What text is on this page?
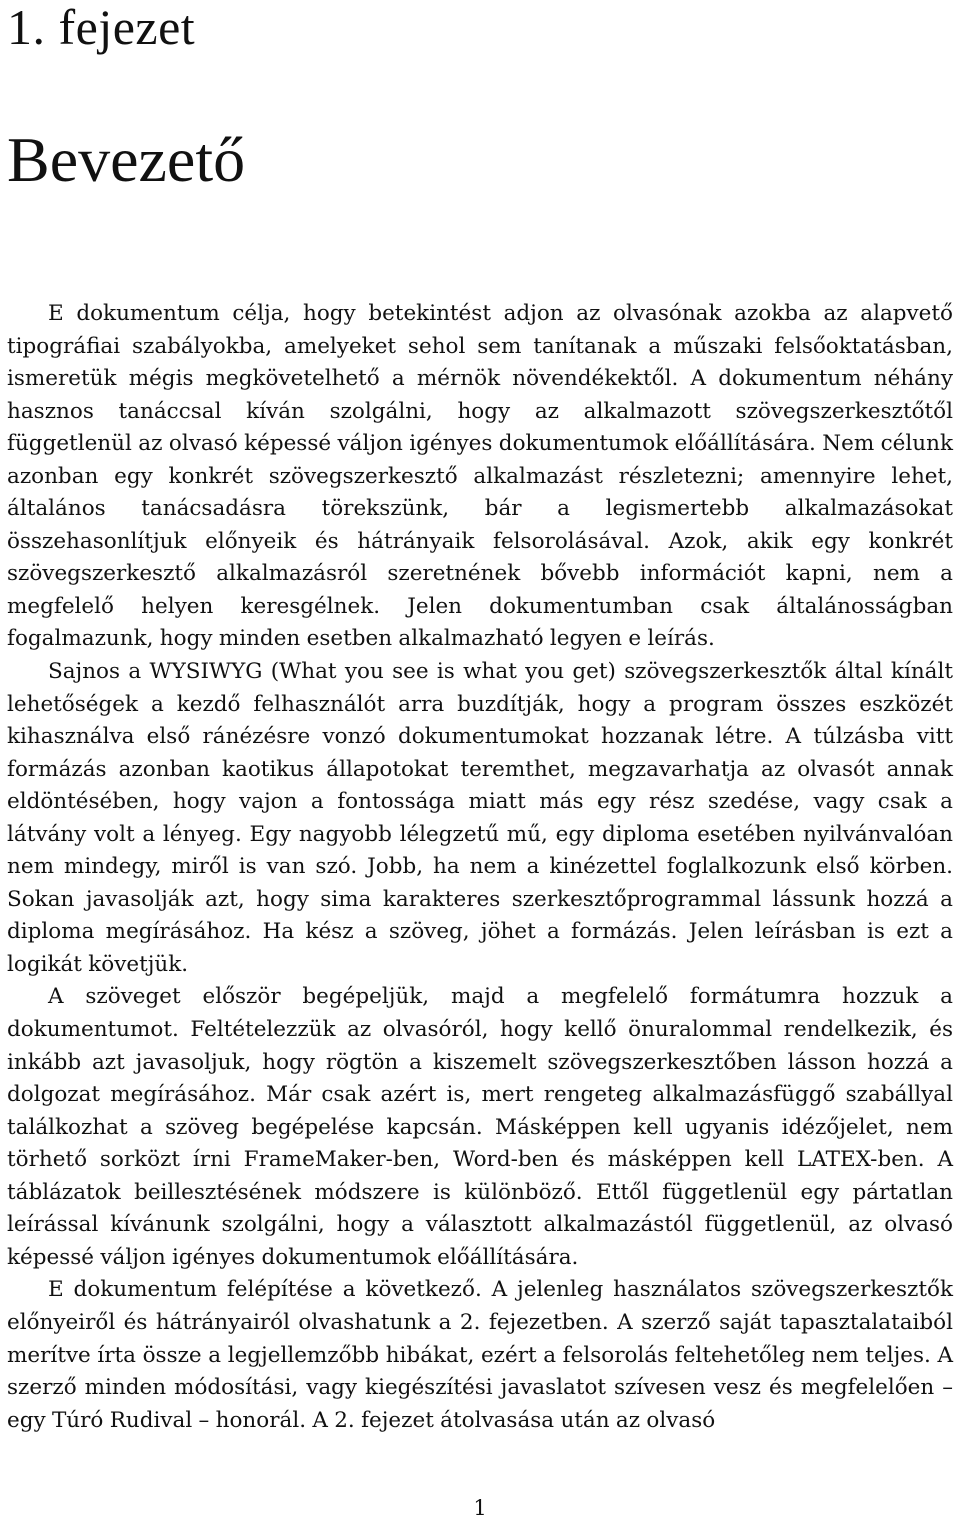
1. fejezet
Bevezető

E dokumentum célja, hogy betekintést adjon az olvasónak azokba az alapvető tipográfiai szabályokba, amelyeket sehol sem tanítanak a műszaki felsőoktatásban, ismeretük mégis megkövetelhető a mérnök növendékektől. A dokumentum néhány hasznos tanáccsal kíván szolgálni, hogy az alkalmazott szövegszerkesztőtől függetlenül az olvasó képessé váljon igényes dokumentumok előállítására. Nem célunk azonban egy konkrét szövegszerkesztő alkalmazást részletezni; amennyire lehet, általános tanácsadásra törekszünk, bár a legismertebb alkalmazásokat összehasonlítjuk előnyeik és hátrányaik felsorolásával. Azok, akik egy konkrét szövegszerkesztő alkalmazásról szeretnének bővebb információt kapni, nem a megfelelő helyen keresgélnek. Jelen dokumentumban csak általánosságban fogalmazunk, hogy minden esetben alkalmazható legyen e leírás.

Sajnos a WYSIWYG (What you see is what you get) szövegszerkesztők által kínált lehetőségek a kezdő felhasználót arra buzdítják, hogy a program összes eszközét kihasználva első ránézésre vonzó dokumentumokat hozzanak létre. A túlzásba vitt formázás azonban kaotikus állapotokat teremthet, megzavarhatja az olvasót annak eldöntésében, hogy vajon a fontossága miatt más egy rész szedése, vagy csak a látvány volt a lényeg. Egy nagyobb lélegzetű mű, egy diploma esetében nyilvánvalóan nem mindegy, miről is van szó. Jobb, ha nem a kinézettel foglalkozunk első körben. Sokan javasolják azt, hogy sima karakteres szerkesztőprogrammal lássunk hozzá a diploma megírásához. Ha kész a szöveg, jöhet a formázás. Jelen leírásban is ezt a logikát követjük.

A szöveget először begépeljük, majd a megfelelő formátumra hozzuk a dokumentumot. Feltételezzük az olvasóról, hogy kellő önuralommal rendelkezik, és inkább azt javasoljuk, hogy rögtön a kiszemelt szövegszerkesztőben lásson hozzá a dolgozat megírásához. Már csak azért is, mert rengeteg alkalmazásfüggő szabállyal találkozhat a szöveg begépelése kapcsán. Másképpen kell ugyanis idézőjelet, nem törhető sorközt írni FrameMaker-ben, Word-ben és másképpen kell LATEX-ben. A táblázatok beillesztésének módszere is különböző. Ettől függetlenül egy pártatlan leírással kívánunk szolgálni, hogy a választott alkalmazástól függetlenül, az olvasó képessé váljon igényes dokumentumok előállítására.

E dokumentum felépítése a következő. A jelenleg használatos szövegszerkesztők előnyeiről és hátrányairól olvashatunk a 2. fejezetben. A szerző saját tapasztalataiból merítve írta össze a legjellemzőbb hibákat, ezért a felsorolás feltehetőleg nem teljes. A szerző minden módosítási, vagy kiegészítési javaslatot szívesen vesz és megfelelően – egy Túró Rudival – honorál. A 2. fejezet átolvasása után az olvasó

1
